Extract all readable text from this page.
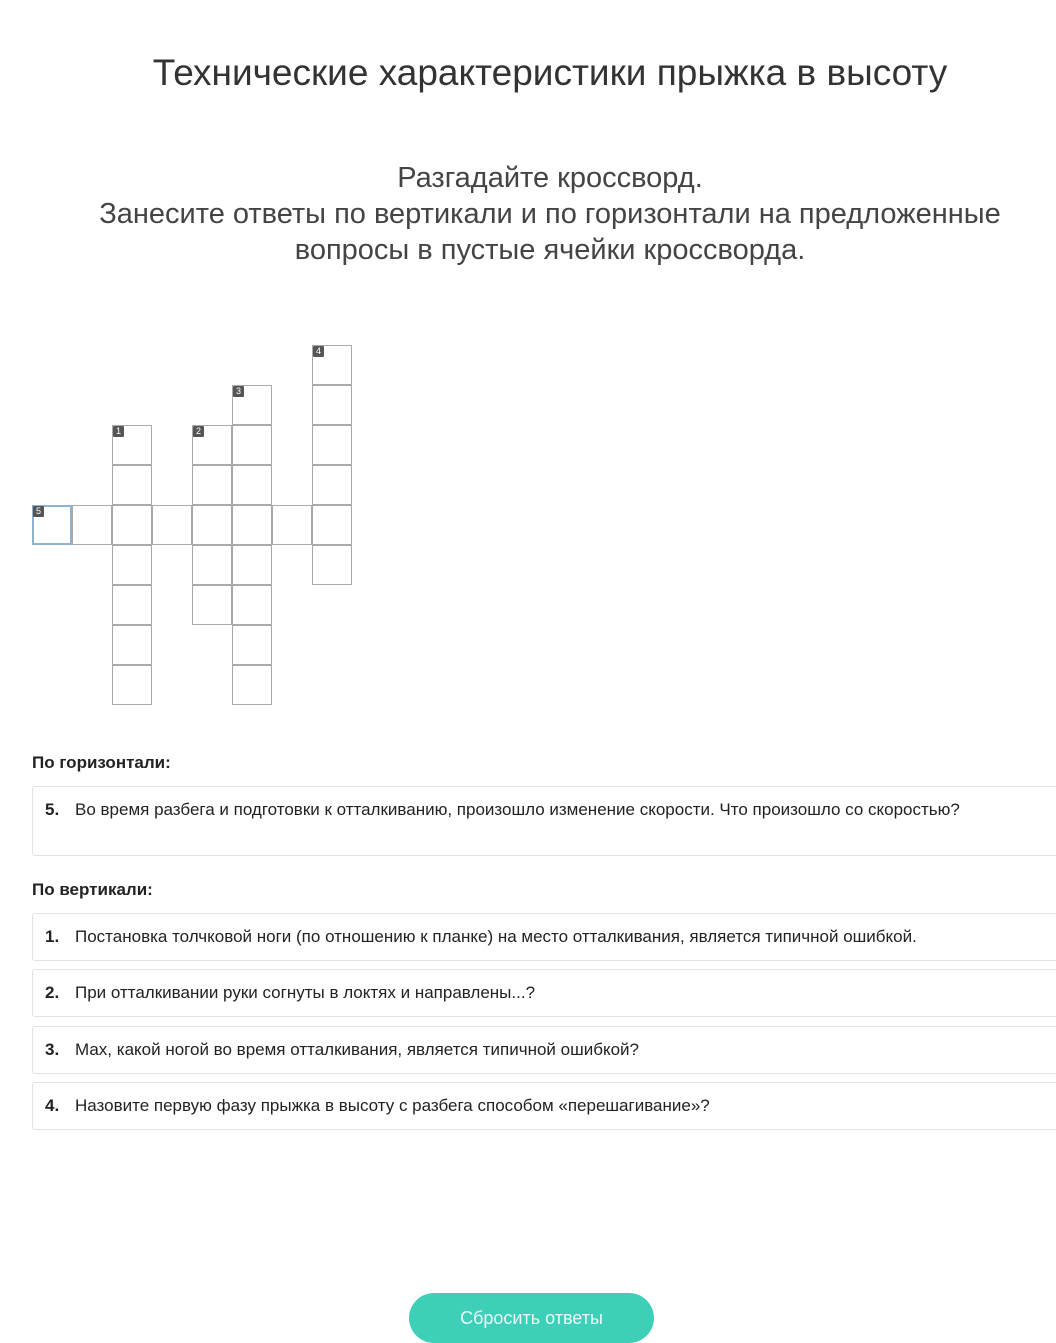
Технические характеристики прыжка в высоту
Разгадайте кроссворд.
Занесите ответы по вертикали и по горизонтали на предложенные
вопросы в пустые ячейки кроссворда.
5
1	2
3
4
По горизонтали:
5. Во время разбега и подготовки к отталкиванию, произошло изменение скорости. Что произошло со скоростью?
По вертикали:
1. Постановка толчковой ноги (по отношению к планке) на место отталкивания, является типичной ошибкой.
2. При отталкивании руки согнуты в локтях и направлены...?
3. Мах, какой ногой во время отталкивания, является типичной ошибкой?
4. Назовите первую фазу прыжка в высоту с разбега способом «перешагивание»?
Сбросить ответы
